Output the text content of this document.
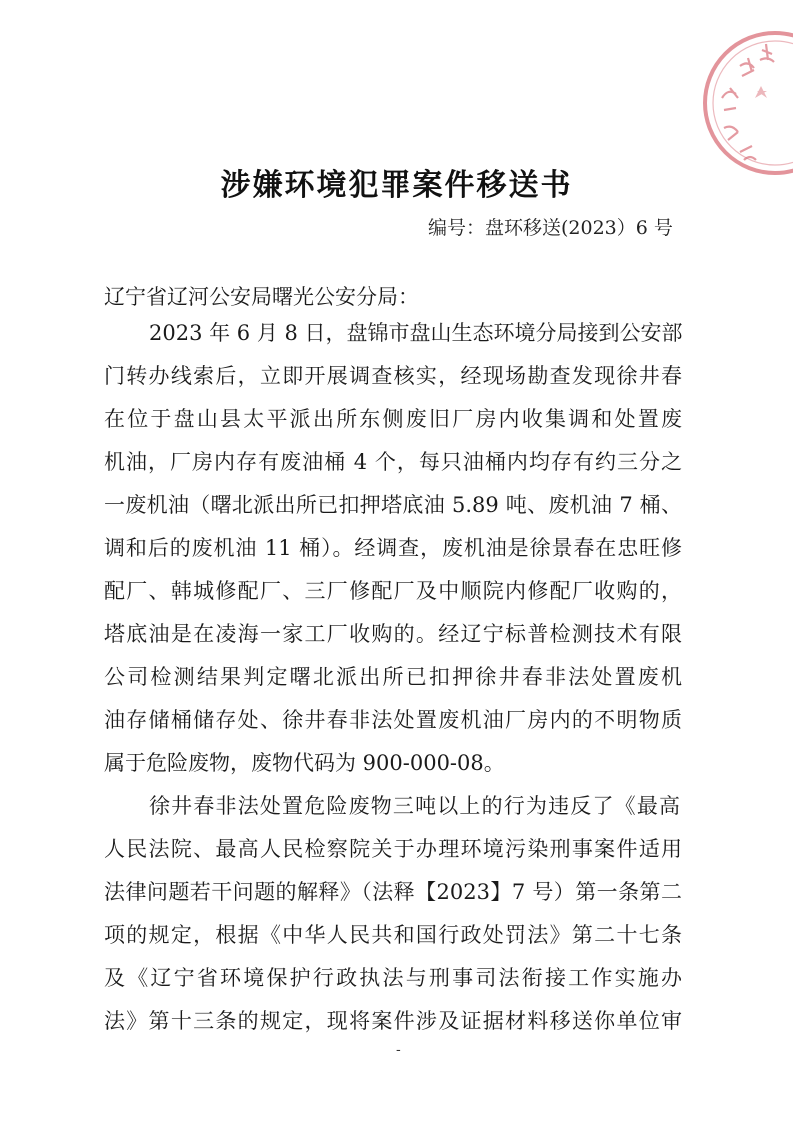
涉嫌环境犯罪案件移送书
编号：盘环移送(2023）6 号
辽宁省辽河公安局曙光公安分局：
2023 年 6 月 8 日，盘锦市盘山生态环境分局接到公安部
门转办线索后，立即开展调查核实，经现场勘查发现徐井春
在位于盘山县太平派出所东侧废旧厂房内收集调和处置废
机油，厂房内存有废油桶 4 个，每只油桶内均存有约三分之
一废机油（曙北派出所已扣押塔底油 5.89 吨、废机油 7 桶、
调和后的废机油 11 桶）。经调查，废机油是徐景春在忠旺修
配厂、韩城修配厂、三厂修配厂及中顺院内修配厂收购的，
塔底油是在凌海一家工厂收购的。经辽宁标普检测技术有限
公司检测结果判定曙北派出所已扣押徐井春非法处置废机
油存储桶储存处、徐井春非法处置废机油厂房内的不明物质
属于危险废物，废物代码为 900-000-08。
徐井春非法处置危险废物三吨以上的行为违反了《最高
人民法院、最高人民检察院关于办理环境污染刑事案件适用
法律问题若干问题的解释》（法释【2023】7 号）第一条第二
项的规定，根据《中华人民共和国行政处罚法》第二十七条
及《辽宁省环境保护行政执法与刑事司法衔接工作实施办
法》第十三条的规定，现将案件涉及证据材料移送你单位审
-
